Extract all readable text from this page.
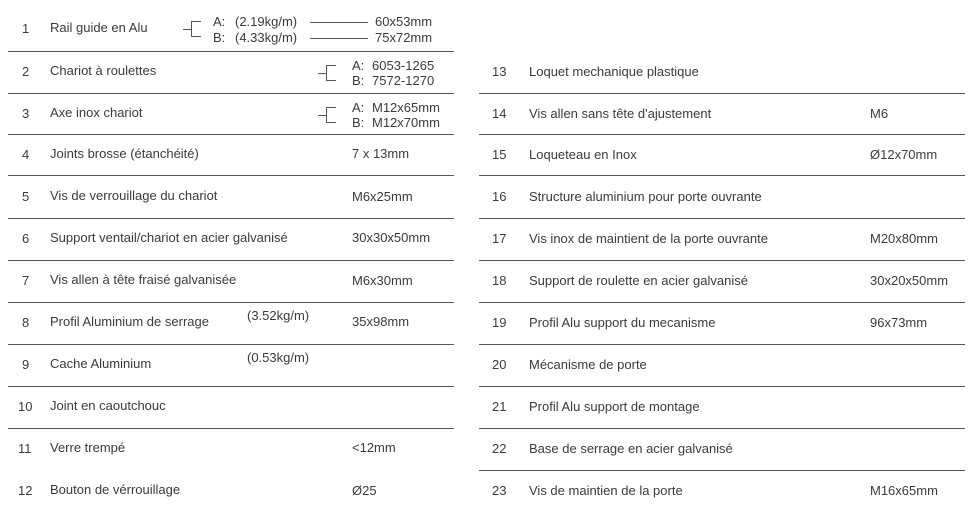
1 Rail guide en Alu	A: (2.19kg/m)	60x53mm
B: (4.33kg/m)	75x72mm
2 Chariot à roulettes	A: 6053-1265
B: 7572-1270
3 Axe inox chariot	A: M12x65mm
B: M12x70mm
4 Joints brosse (étanchéité)	7 x 13mm
5 Vis de verrouillage du chariot	M6x25mm
6 Support ventail/chariot en acier galvanisé	30x30x50mm
7 Vis allen à tête fraisé galvanisée	M6x30mm
8 Profil Aluminium de serrage	(3.52kg/m)	35x98mm
9 Cache Aluminium	(0.53kg/m)
10 Joint en caoutchouc
11 Verre trempé	<12mm
12 Bouton de vérrouillage	Ø25
13 Loquet mechanique plastique
14 Vis allen sans tête d'ajustement	M6
15 Loqueteau en Inox	Ø12x70mm
16 Structure aluminium pour porte ouvrante
17 Vis inox de maintient de la porte ouvrante	M20x80mm
18 Support de roulette en acier galvanisé	30x20x50mm
19 Profil Alu support du mecanisme	96x73mm
20 Mécanisme de porte
21 Profil Alu support de montage
22 Base de serrage en acier galvanisé
23 Vis de maintien de la porte	M16x65mm
